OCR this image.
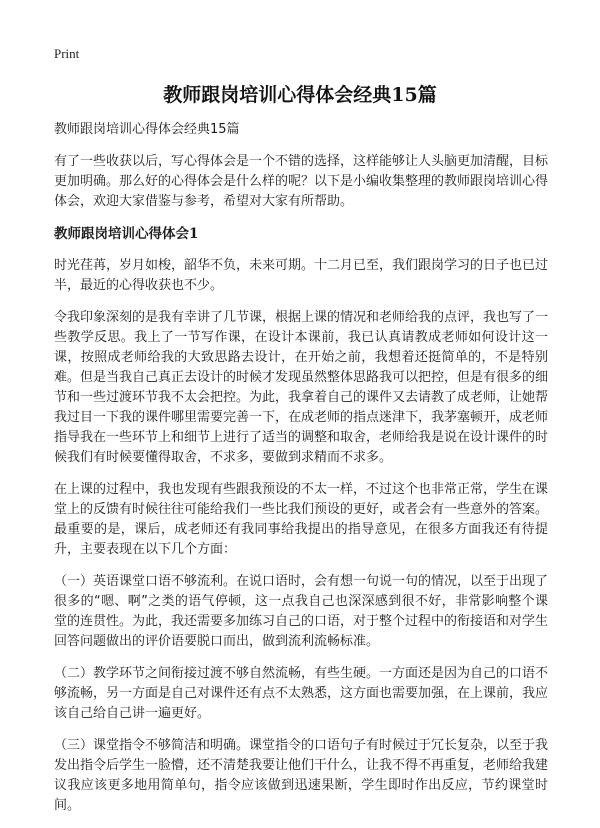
Print
教师跟岗培训心得体会经典15篇
教师跟岗培训心得体会经典15篇

有了一些收获以后，写心得体会是一个不错的选择，这样能够让人头脑更加清醒，目标更加明确。那么好的心得体会是什么样的呢？以下是小编收集整理的教师跟岗培训心得体会，欢迎大家借鉴与参考，希望对大家有所帮助。

教师跟岗培训心得体会1

时光荏苒，岁月如梭，韶华不负，未来可期。十二月已至，我们跟岗学习的日子也已过半，最近的心得收获也不少。

令我印象深刻的是我有幸讲了几节课，根据上课的情况和老师给我的点评，我也写了一些教学反思。我上了一节写作课，在设计本课前，我已认真请教成老师如何设计这一课，按照成老师给我的大致思路去设计，在开始之前，我想着还挺简单的，不是特别难。但是当我自己真正去设计的时候才发现虽然整体思路我可以把控，但是有很多的细节和一些过渡环节我不太会把控。为此，我拿着自己的课件又去请教了成老师，让她帮我过目一下我的课件哪里需要完善一下，在成老师的指点迷津下，我茅塞顿开，成老师指导我在一些环节上和细节上进行了适当的调整和取舍，老师给我是说在设计课件的时候我们有时候要懂得取舍，不求多，要做到求精而不求多。

在上课的过程中，我也发现有些跟我预设的不太一样，不过这个也非常正常，学生在课堂上的反馈有时候往往可能给我们一些比我们预设的更好，或者会有一些意外的答案。最重要的是，课后，成老师还有我同事给我提出的指导意见，在很多方面我还有待提升，主要表现在以下几个方面：

（一）英语课堂口语不够流利。在说口语时，会有想一句说一句的情况，以至于出现了很多的“嗯、啊”之类的语气停顿，这一点我自己也深深感到很不好，非常影响整个课堂的连贯性。为此，我还需要多加练习自己的口语，对于整个过程中的衔接语和对学生回答问题做出的评价语要脱口而出，做到流利流畅标准。

（二）教学环节之间衔接过渡不够自然流畅，有些生硬。一方面还是因为自己的口语不够流畅，另一方面是自己对课件还有点不太熟悉，这方面也需要加强，在上课前，我应该自己给自己讲一遍更好。

（三）课堂指令不够简洁和明确。课堂指令的口语句子有时候过于冗长复杂，以至于我发出指令后学生一脸懵，还不清楚我要让他们干什么，让我不得不再重复，老师给我建议我应该更多地用简单句，指令应该做到迅速果断，学生即时作出反应，节约课堂时间。
